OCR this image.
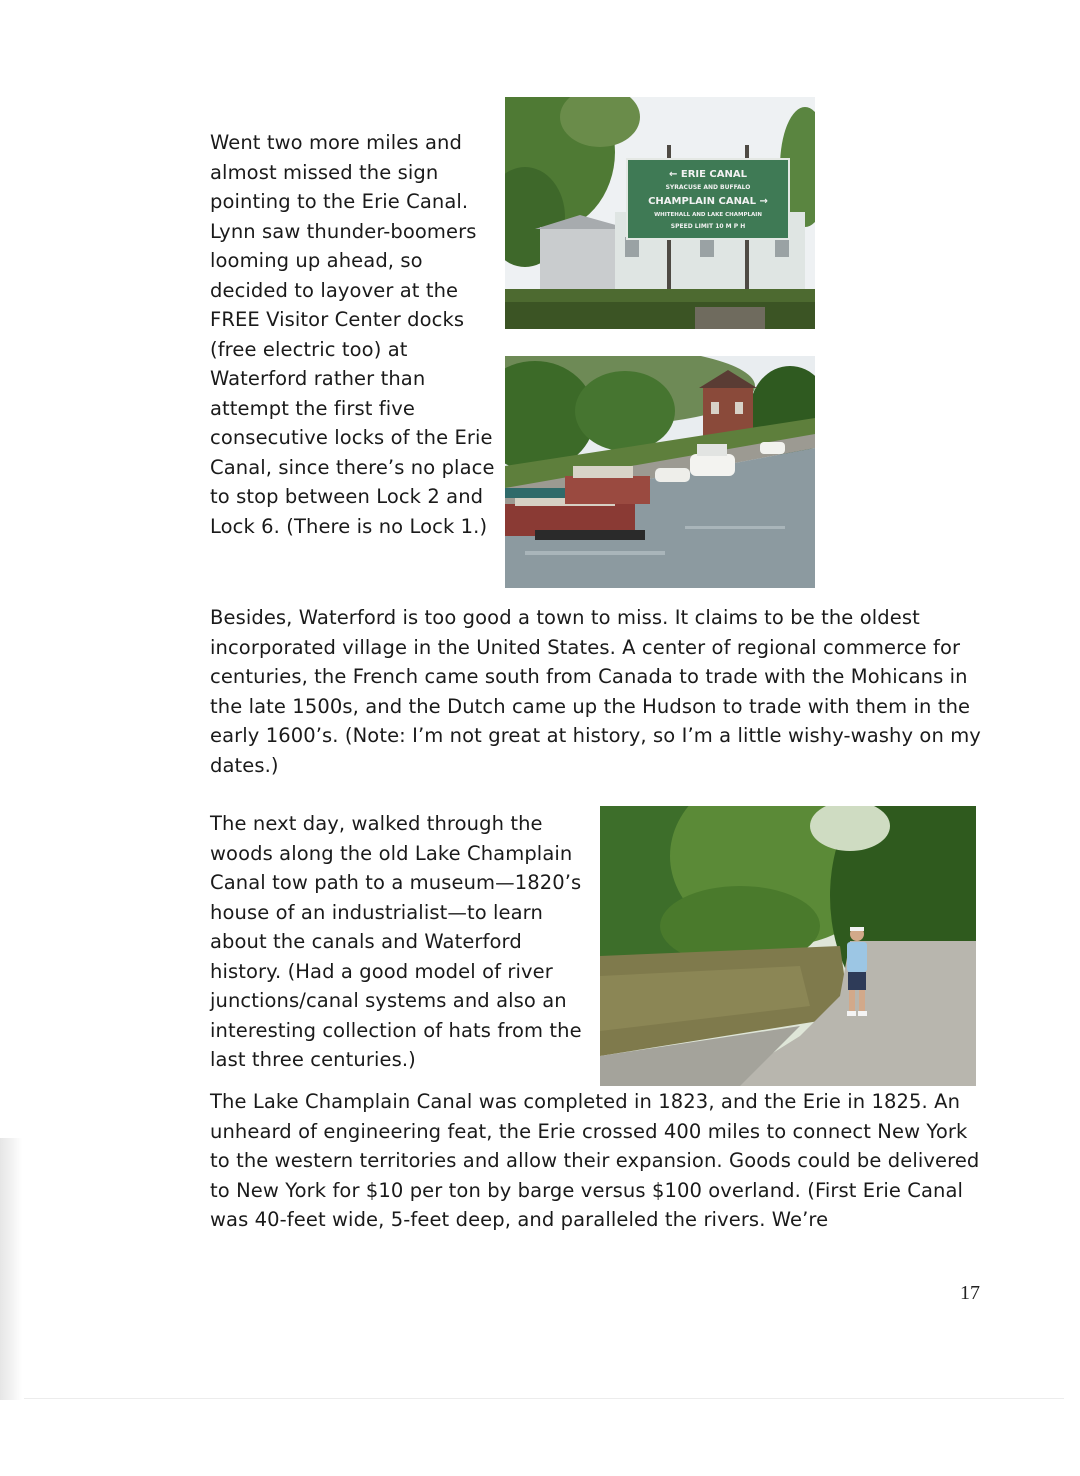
Went two more miles and almost missed the sign pointing to the Erie Canal. Lynn saw thunder-boomers looming up ahead, so decided to layover at the FREE Visitor Center docks (free electric too) at Waterford rather than attempt the first five consecutive locks of the Erie Canal, since there’s no place to stop between Lock 2 and Lock 6. (There is no Lock 1.)

← ERIE CANAL
SYRACUSE AND BUFFALO
CHAMPLAIN CANAL →
WHITEHALL AND LAKE CHAMPLAIN
SPEED LIMIT 10 M P H

Besides, Waterford is too good a town to miss. It claims to be the oldest incorporated village in the United States. A center of regional commerce for centuries, the French came south from Canada to trade with the Mohicans in the late 1500s, and the Dutch came up the Hudson to trade with them in the early 1600’s. (Note: I’m not great at history, so I’m a little wishy-washy on my dates.)

The next day, walked through the woods along the old Lake Champlain Canal tow path to a museum—1820’s house of an industrialist—to learn about the canals and Waterford history. (Had a good model of river junctions/canal systems and also an interesting collection of hats from the last three centuries.)

The Lake Champlain Canal was completed in 1823, and the Erie in 1825. An unheard of engineering feat, the Erie crossed 400 miles to connect New York to the western territories and allow their expansion. Goods could be delivered to New York for $10 per ton by barge versus $100 overland. (First Erie Canal was 40-feet wide, 5-feet deep, and paralleled the rivers. We’re

17
